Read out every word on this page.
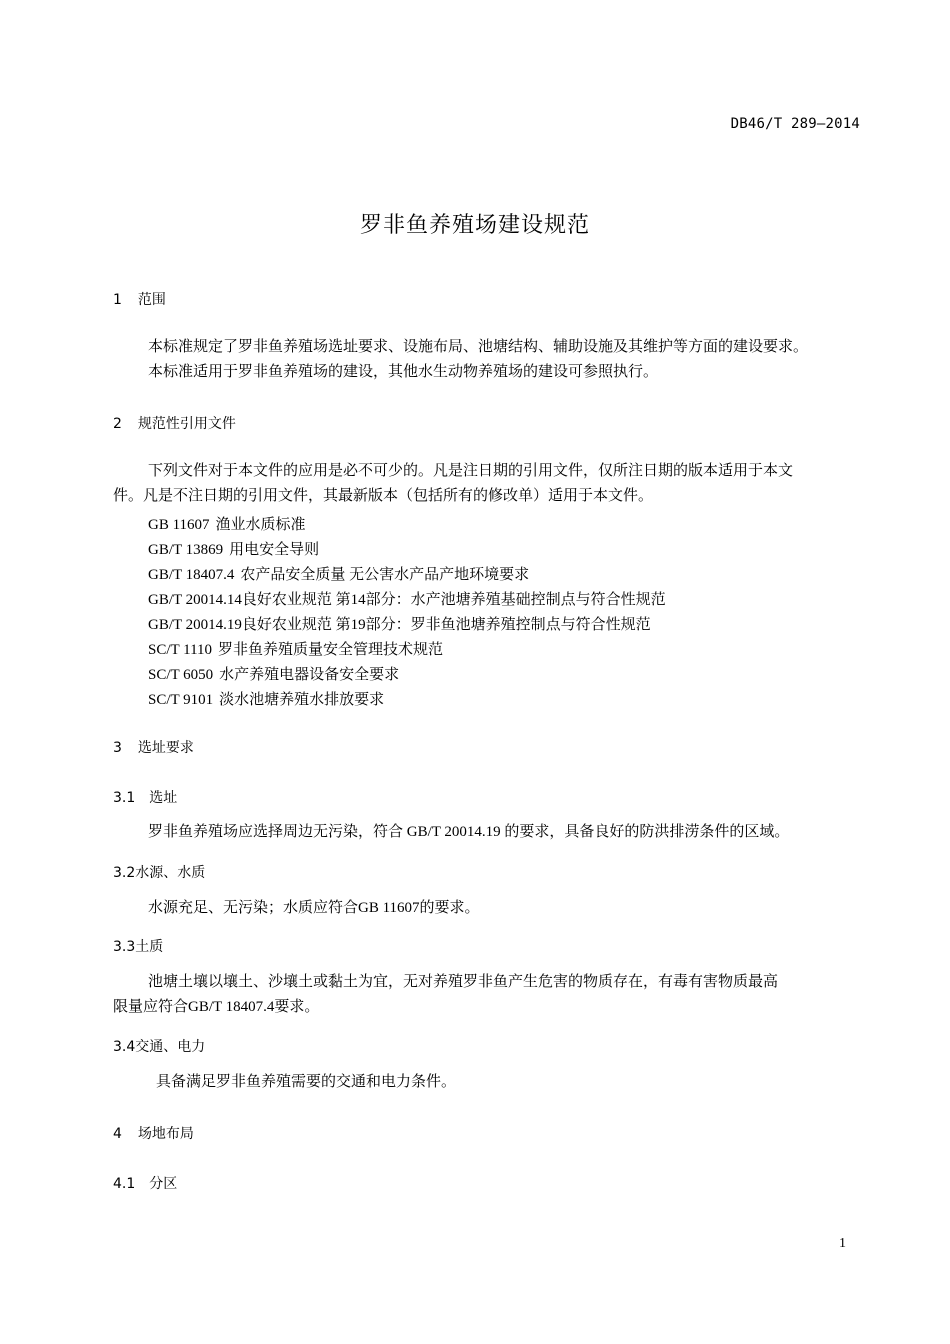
DB46/T 289—2014
罗非鱼养殖场建设规范
1 范围
本标准规定了罗非鱼养殖场选址要求、设施布局、池塘结构、辅助设施及其维护等方面的建设要求。
本标准适用于罗非鱼养殖场的建设，其他水生动物养殖场的建设可参照执行。
2 规范性引用文件
下列文件对于本文件的应用是必不可少的。凡是注日期的引用文件，仅所注日期的版本适用于本文
件。凡是不注日期的引用文件，其最新版本（包括所有的修改单）适用于本文件。
GB 11607 渔业水质标准
GB/T 13869 用电安全导则
GB/T 18407.4 农产品安全质量 无公害水产品产地环境要求
GB/T 20014.14良好农业规范 第14部分：水产池塘养殖基础控制点与符合性规范
GB/T 20014.19良好农业规范 第19部分：罗非鱼池塘养殖控制点与符合性规范
SC/T 1110 罗非鱼养殖质量安全管理技术规范
SC/T 6050 水产养殖电器设备安全要求
SC/T 9101 淡水池塘养殖水排放要求
3 选址要求
3.1 选址
罗非鱼养殖场应选择周边无污染，符合 GB/T 20014.19 的要求，具备良好的防洪排涝条件的区域。
3.2水源、水质
水源充足、无污染；水质应符合GB 11607的要求。
3.3土质
池塘土壤以壤土、沙壤土或黏土为宜，无对养殖罗非鱼产生危害的物质存在，有毒有害物质最高
限量应符合GB/T 18407.4要求。
3.4交通、电力
具备满足罗非鱼养殖需要的交通和电力条件。
4 场地布局
4.1 分区
1
